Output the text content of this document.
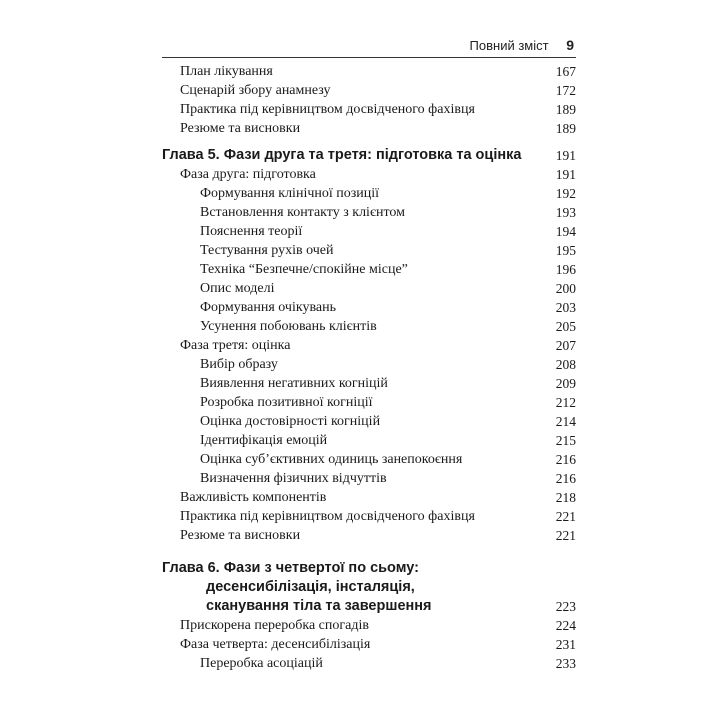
Повний зміст 9
План лікування	167
Сценарій збору анамнезу	172
Практика під керівництвом досвідченого фахівця	189
Резюме та висновки	189
Глава 5. Фази друга та третя: підготовка та оцінка	191
Фаза друга: підготовка	191
Формування клінічної позиції	192
Встановлення контакту з клієнтом	193
Пояснення теорії	194
Тестування рухів очей	195
Техніка “Безпечне/спокійне місце”	196
Опис моделі	200
Формування очікувань	203
Усунення побоювань клієнтів	205
Фаза третя: оцінка	207
Вибір образу	208
Виявлення негативних когніцій	209
Розробка позитивної когніції	212
Оцінка достовірності когніцій	214
Ідентифікація емоцій	215
Оцінка суб’єктивних одиниць занепокоєння	216
Визначення фізичних відчуттів	216
Важливість компонентів	218
Практика під керівництвом досвідченого фахівця	221
Резюме та висновки	221
Глава 6. Фази з четвертої по сьому:
десенсибілізація, інсталяція,
сканування тіла та завершення	223
Прискорена переробка спогадів	224
Фаза четверта: десенсибілізація	231
Переробка асоціацій	233
